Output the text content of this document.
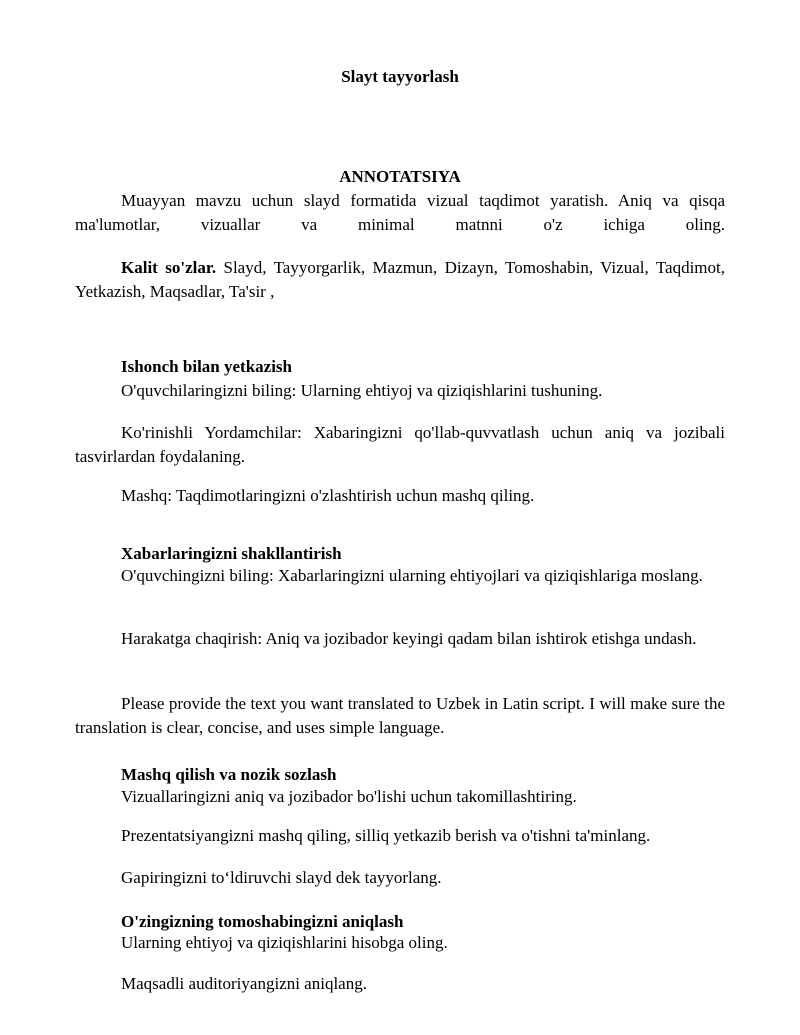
Slayt tayyorlash
ANNOTATSIYA

Muayyan mavzu uchun slayd formatida vizual taqdimot yaratish. Aniq va qisqa ma'lumotlar, vizuallar va minimal matnni o'z ichiga oling.

Kalit so'zlar. Slayd, Tayyorgarlik, Mazmun, Dizayn, Tomoshabin, Vizual, Taqdimot, Yetkazish, Maqsadlar, Ta'sir ,

Ishonch bilan yetkazish

O'quvchilaringizni biling: Ularning ehtiyoj va qiziqishlarini tushuning.

Ko'rinishli Yordamchilar: Xabaringizni qo'llab-quvvatlash uchun aniq va jozibali tasvirlardan foydalaning.

Mashq: Taqdimotlaringizni o'zlashtirish uchun mashq qiling.

Xabarlaringizni shakllantirish

O'quvchingizni biling: Xabarlaringizni ularning ehtiyojlari va qiziqishlariga moslang.

Harakatga chaqirish: Aniq va jozibador keyingi qadam bilan ishtirok etishga undash.

Please provide the text you want translated to Uzbek in Latin script. I will make sure the translation is clear, concise, and uses simple language.

Mashq qilish va nozik sozlash

Vizuallaringizni aniq va jozibador bo'lishi uchun takomillashtiring.

Prezentatsiyangizni mashq qiling, silliq yetkazib berish va o'tishni ta'minlang.

Gapiringizni to‘ldiruvchi slayd dek tayyorlang.

O'zingizning tomoshabingizni aniqlash

Ularning ehtiyoj va qiziqishlarini hisobga oling.

Maqsadli auditoriyangizni aniqlang.
